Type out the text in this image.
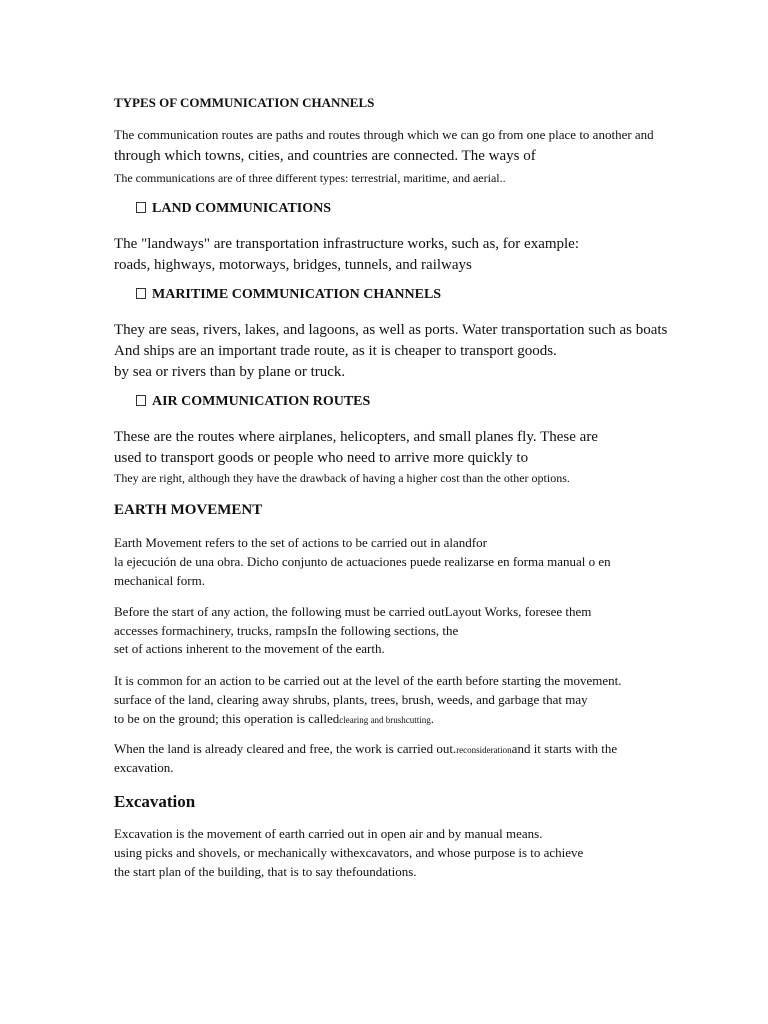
TYPES OF COMMUNICATION CHANNELS
The communication routes are paths and routes through which we can go from one place to another and
through which towns, cities, and countries are connected. The ways of
The communications are of three different types: terrestrial, maritime, and aerial..
LAND COMMUNICATIONS
The "landways" are transportation infrastructure works, such as, for example:
roads, highways, motorways, bridges, tunnels, and railways
MARITIME COMMUNICATION CHANNELS
They are seas, rivers, lakes, and lagoons, as well as ports. Water transportation such as boats
And ships are an important trade route, as it is cheaper to transport goods.
by sea or rivers than by plane or truck.
AIR COMMUNICATION ROUTES
These are the routes where airplanes, helicopters, and small planes fly. These are
used to transport goods or people who need to arrive more quickly to
They are right, although they have the drawback of having a higher cost than the other options.
EARTH MOVEMENT
Earth Movement refers to the set of actions to be carried out in alandfor
la ejecución de una obra. Dicho conjunto de actuaciones puede realizarse en forma manual o en
mechanical form.
Before the start of any action, the following must be carried outLayout Works, foresee them
accesses formachinery, trucks, rampsIn the following sections, the
set of actions inherent to the movement of the earth.
It is common for an action to be carried out at the level of the earth before starting the movement.
surface of the land, clearing away shrubs, plants, trees, brush, weeds, and garbage that may
to be on the ground; this operation is calledclearing and brushcutting.
When the land is already cleared and free, the work is carried out.reconsiderationand it starts with the
excavation.
Excavation
Excavation is the movement of earth carried out in open air and by manual means.
using picks and shovels, or mechanically withexcavators, and whose purpose is to achieve
the start plan of the building, that is to say thefoundations.
